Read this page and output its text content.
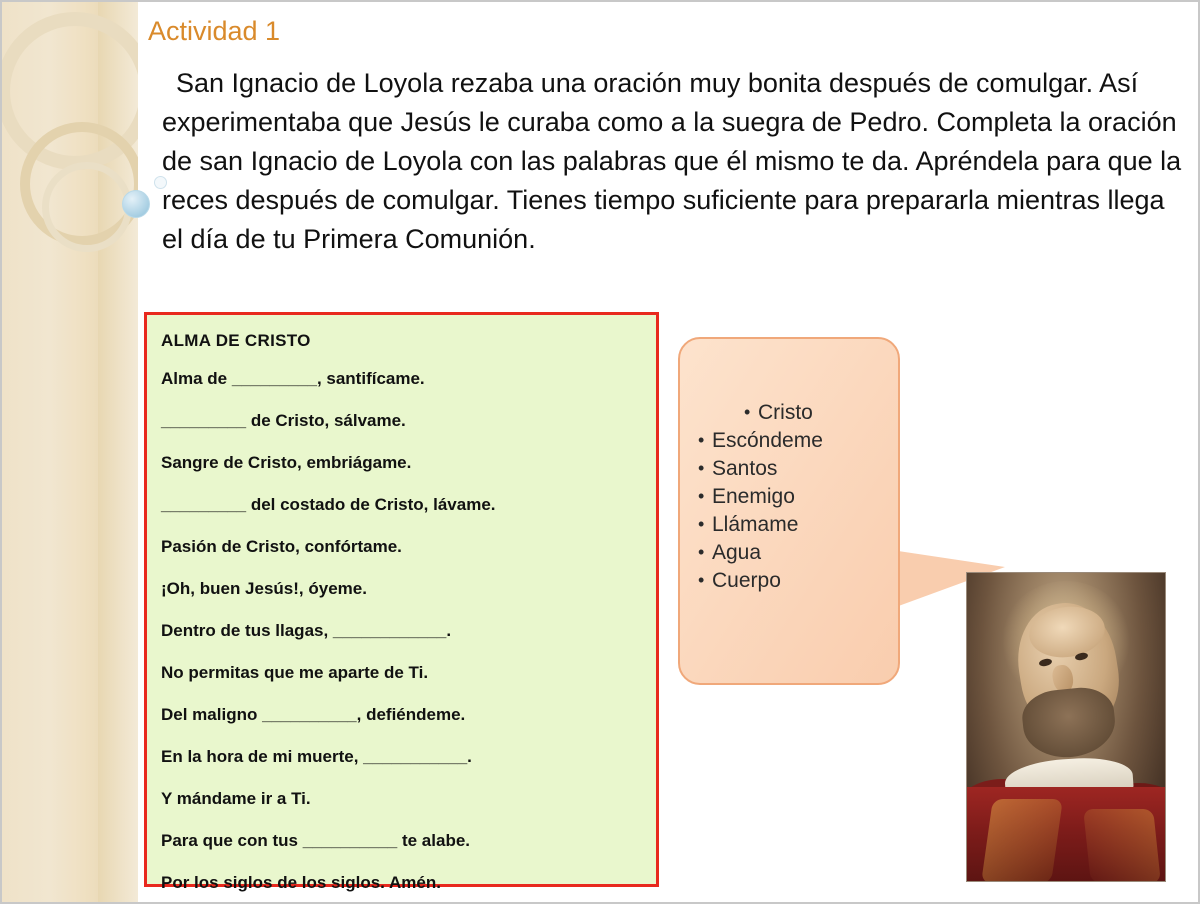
Actividad 1
San Ignacio de Loyola rezaba una oración muy bonita después de comulgar. Así experimentaba que Jesús le curaba como a la suegra de Pedro. Completa la oración de san Ignacio de Loyola con las palabras que él mismo te da. Apréndela para que la reces después de comulgar. Tienes tiempo suficiente para prepararla mientras llega el día de tu Primera Comunión.
ALMA DE CRISTO
Alma de _________, santifícame.
_________ de Cristo, sálvame.
Sangre de Cristo, embriágame.
_________ del costado de Cristo, lávame.
Pasión de Cristo, confórtame.
¡Oh, buen Jesús!, óyeme.
Dentro de tus llagas, ____________.
No permitas que me aparte de Ti.
Del maligno __________, defiéndeme.
En la hora de mi muerte, ___________.
Y mándame ir a Ti.
Para que con tus __________ te alabe.
Por los siglos de los siglos. Amén.
• Cristo
• Escóndeme
• Santos
• Enemigo
• Llámame
• Agua
• Cuerpo
